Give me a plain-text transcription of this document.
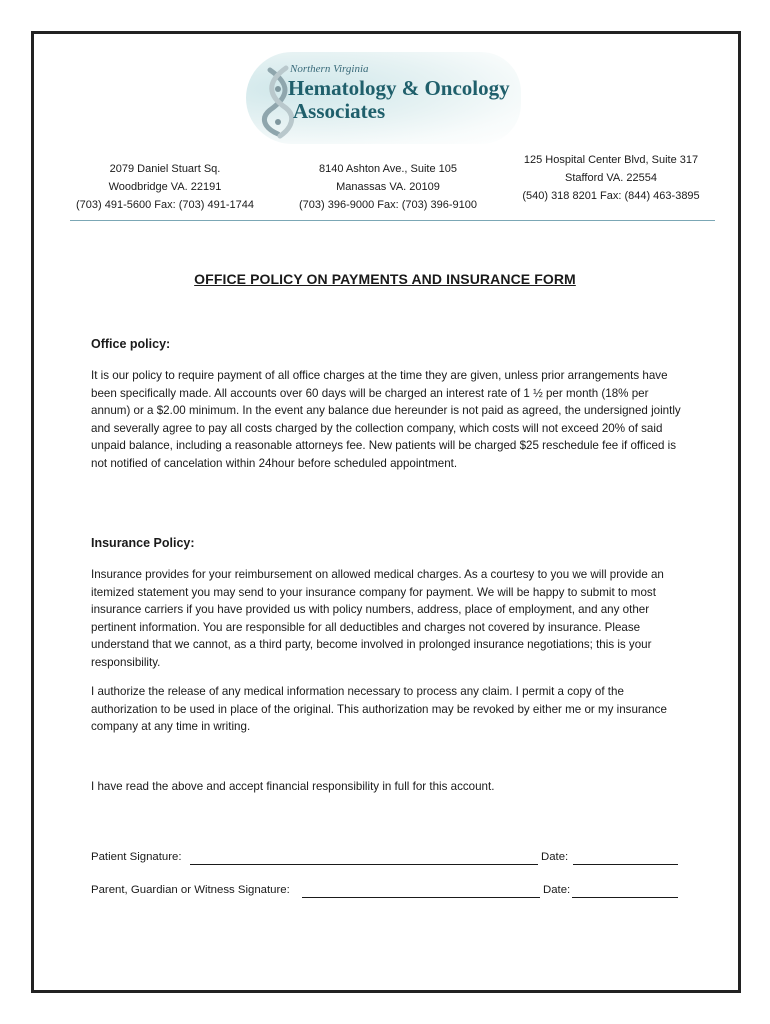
Northern Virginia
Hematology & Oncology
Associates
2079 Daniel Stuart Sq.
Woodbridge VA. 22191
(703) 491-5600 Fax: (703) 491-1744
8140 Ashton Ave., Suite 105
Manassas VA. 20109
(703) 396-9000 Fax: (703) 396-9100
125 Hospital Center Blvd, Suite 317
Stafford VA. 22554
(540) 318 8201 Fax: (844) 463-3895
OFFICE POLICY ON PAYMENTS AND INSURANCE FORM
Office policy:
It is our policy to require payment of all office charges at the time they are given, unless prior arrangements have been specifically made. All accounts over 60 days will be charged an interest rate of 1 ½ per month (18% per annum) or a $2.00 minimum. In the event any balance due hereunder is not paid as agreed, the undersigned jointly and severally agree to pay all costs charged by the collection company, which costs will not exceed 20% of said unpaid balance, including a reasonable attorneys fee. New patients will be charged $25 reschedule fee if officed is not notified of cancelation within 24hour before scheduled appointment.
Insurance Policy:
Insurance provides for your reimbursement on allowed medical charges. As a courtesy to you we will provide an itemized statement you may send to your insurance company for payment. We will be happy to submit to most insurance carriers if you have provided us with policy numbers, address, place of employment, and any other pertinent information. You are responsible for all deductibles and charges not covered by insurance. Please understand that we cannot, as a third party, become involved in prolonged insurance negotiations; this is your responsibility.
I authorize the release of any medical information necessary to process any claim. I permit a copy of the authorization to be used in place of the original. This authorization may be revoked by either me or my insurance company at any time in writing.
I have read the above and accept financial responsibility in full for this account.
Patient Signature:	Date:
Parent, Guardian or Witness Signature:	Date:
